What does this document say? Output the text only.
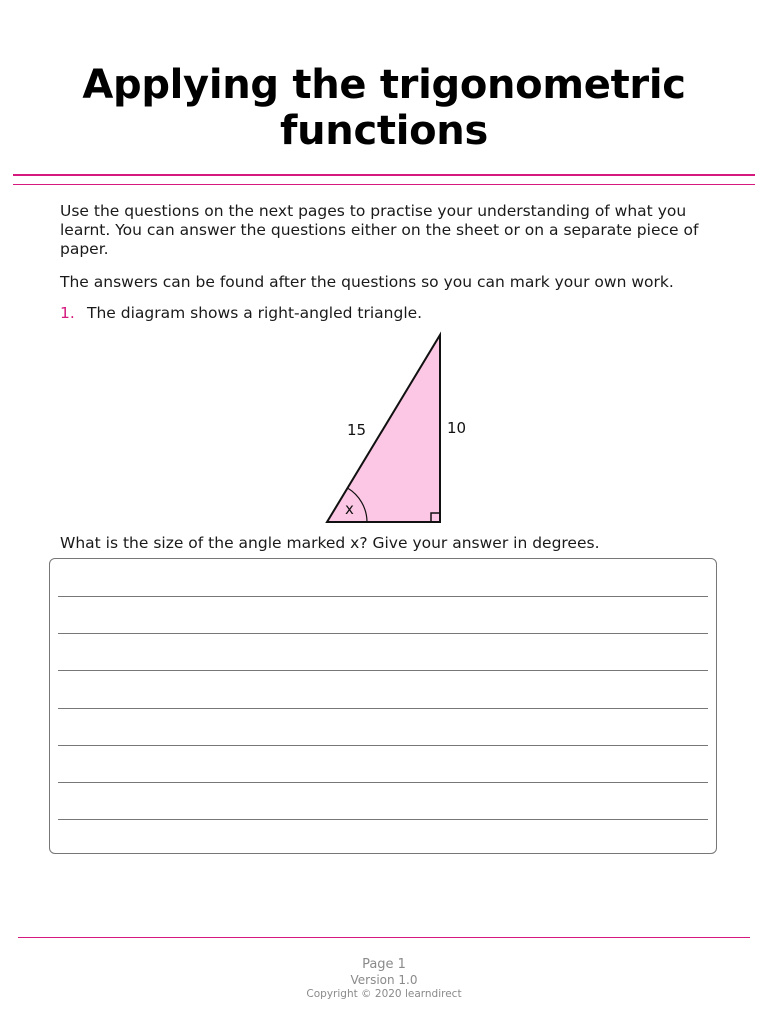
Applying the trigonometric
functions

Use the questions on the next pages to practise your understanding of what you learnt. You can answer the questions either on the sheet or on a separate piece of paper.

The answers can be found after the questions so you can mark your own work.

1. The diagram shows a right-angled triangle.
15	10
x
What is the size of the angle marked x? Give your answer in degrees.
Page 1
Version 1.0
Copyright © 2020 learndirect
